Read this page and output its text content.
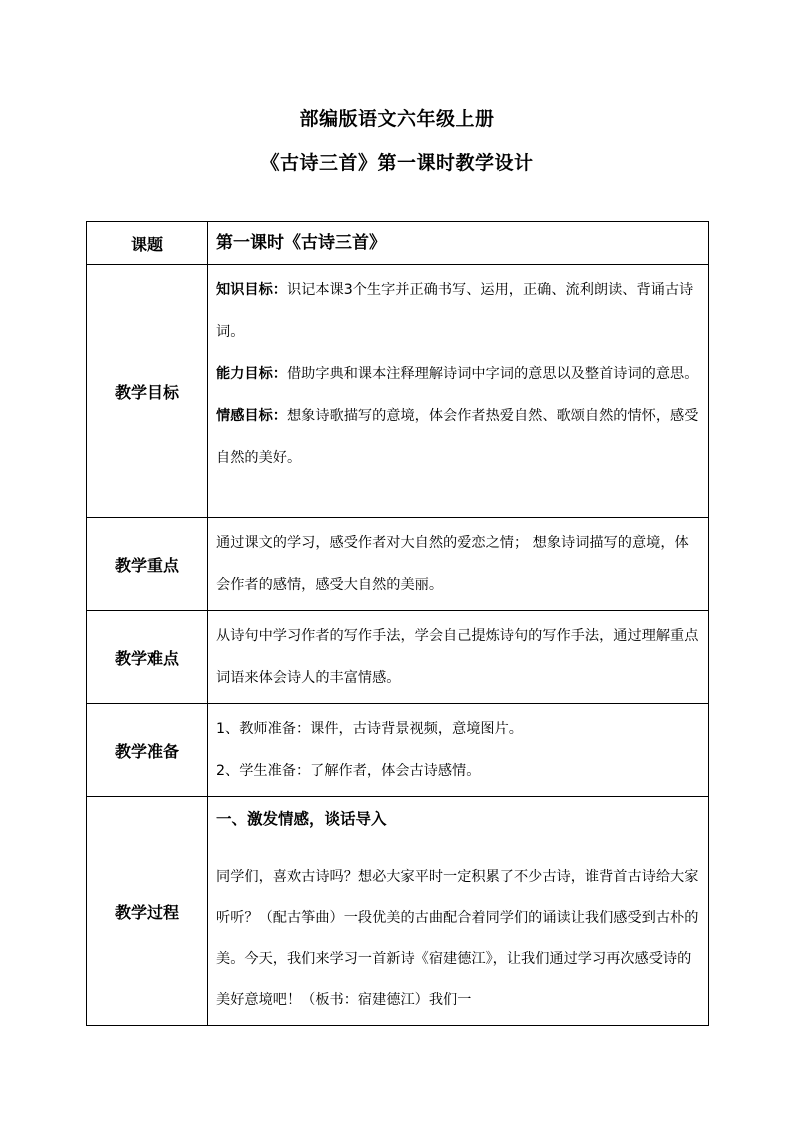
部编版语文六年级上册
《古诗三首》第一课时教学设计
课题	第一课时《古诗三首》
教学目标	知识目标：识记本课3个生字并正确书写、运用，正确、流利朗读、背诵古诗词。

能力目标：借助字典和课本注释理解诗词中字词的意思以及整首诗词的意思。

情感目标：想象诗歌描写的意境，体会作者热爱自然、歌颂自然的情怀，感受自然的美好。

教学重点	通过课文的学习，感受作者对大自然的爱恋之情； 想象诗词描写的意境，体会作者的感情，感受大自然的美丽。

教学难点	从诗句中学习作者的写作手法，学会自己提炼诗句的写作手法，通过理解重点词语来体会诗人的丰富情感。

教学准备	1、教师准备：课件，古诗背景视频，意境图片。

2、学生准备：了解作者，体会古诗感情。

教学过程	一、激发情感，谈话导入

同学们，喜欢古诗吗？想必大家平时一定积累了不少古诗，谁背首古诗给大家听听？（配古筝曲）一段优美的古曲配合着同学们的诵读让我们感受到古朴的美。今天，我们来学习一首新诗《宿建德江》，让我们通过学习再次感受诗的美好意境吧！（板书：宿建德江）我们一
